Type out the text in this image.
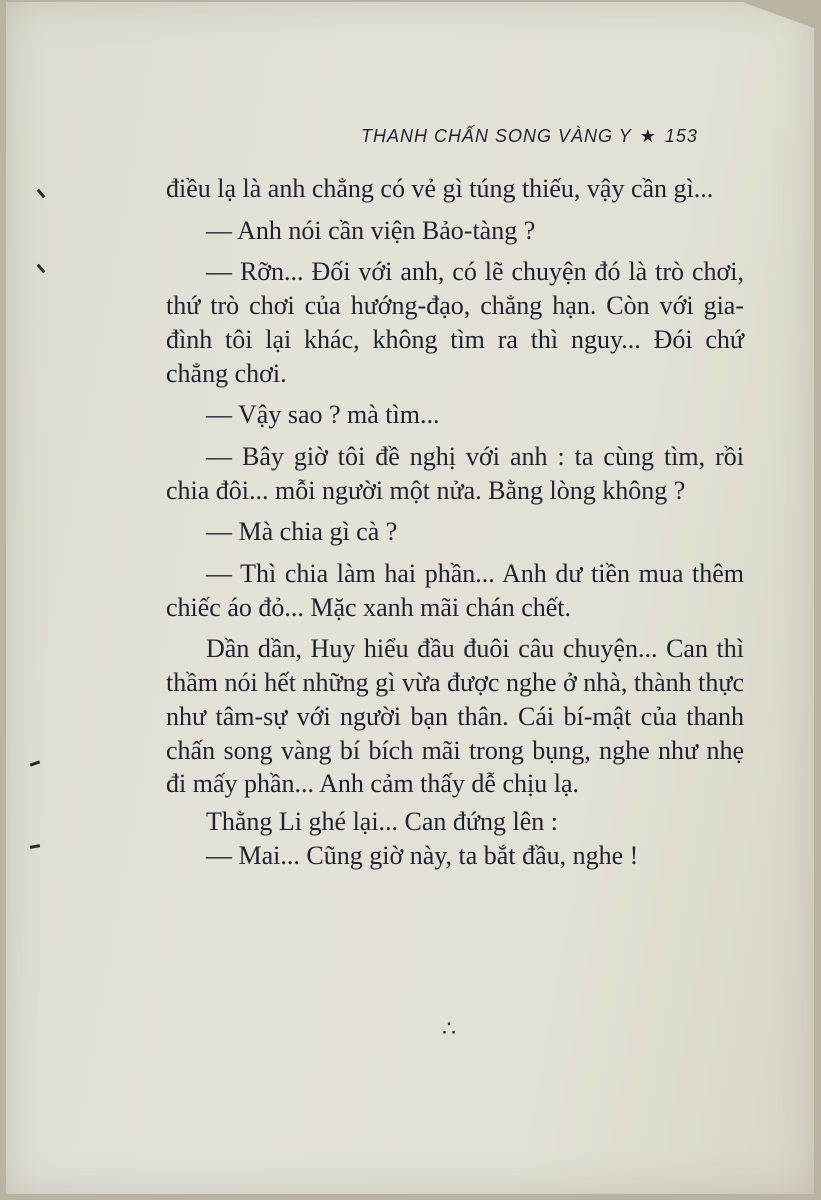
THANH CHẤN SONG VÀNG Y ★ 153

điều lạ là anh chẳng có vẻ gì túng thiếu, vậy cần gì...

— Anh nói cần viện Bảo-tàng ?

— Rỡn... Đối với anh, có lẽ chuyện đó là trò chơi, thứ trò chơi của hướng-đạo, chẳng hạn. Còn với gia-đình tôi lại khác, không tìm ra thì nguy... Đói chứ chẳng chơi.

— Vậy sao ? mà tìm...

— Bây giờ tôi đề nghị với anh : ta cùng tìm, rồi chia đôi... mỗi người một nửa. Bằng lòng không ?

— Mà chia gì cà ?

— Thì chia làm hai phần... Anh dư tiền mua thêm chiếc áo đỏ... Mặc xanh mãi chán chết.

Dần dần, Huy hiểu đầu đuôi câu chuyện... Can thì thầm nói hết những gì vừa được nghe ở nhà, thành thực như tâm-sự với người bạn thân. Cái bí-mật của thanh chấn song vàng bí bích mãi trong bụng, nghe như nhẹ đi mấy phần... Anh cảm thấy dễ chịu lạ.

Thằng Li ghé lại... Can đứng lên :

— Mai... Cũng giờ này, ta bắt đầu, nghe !

∴
